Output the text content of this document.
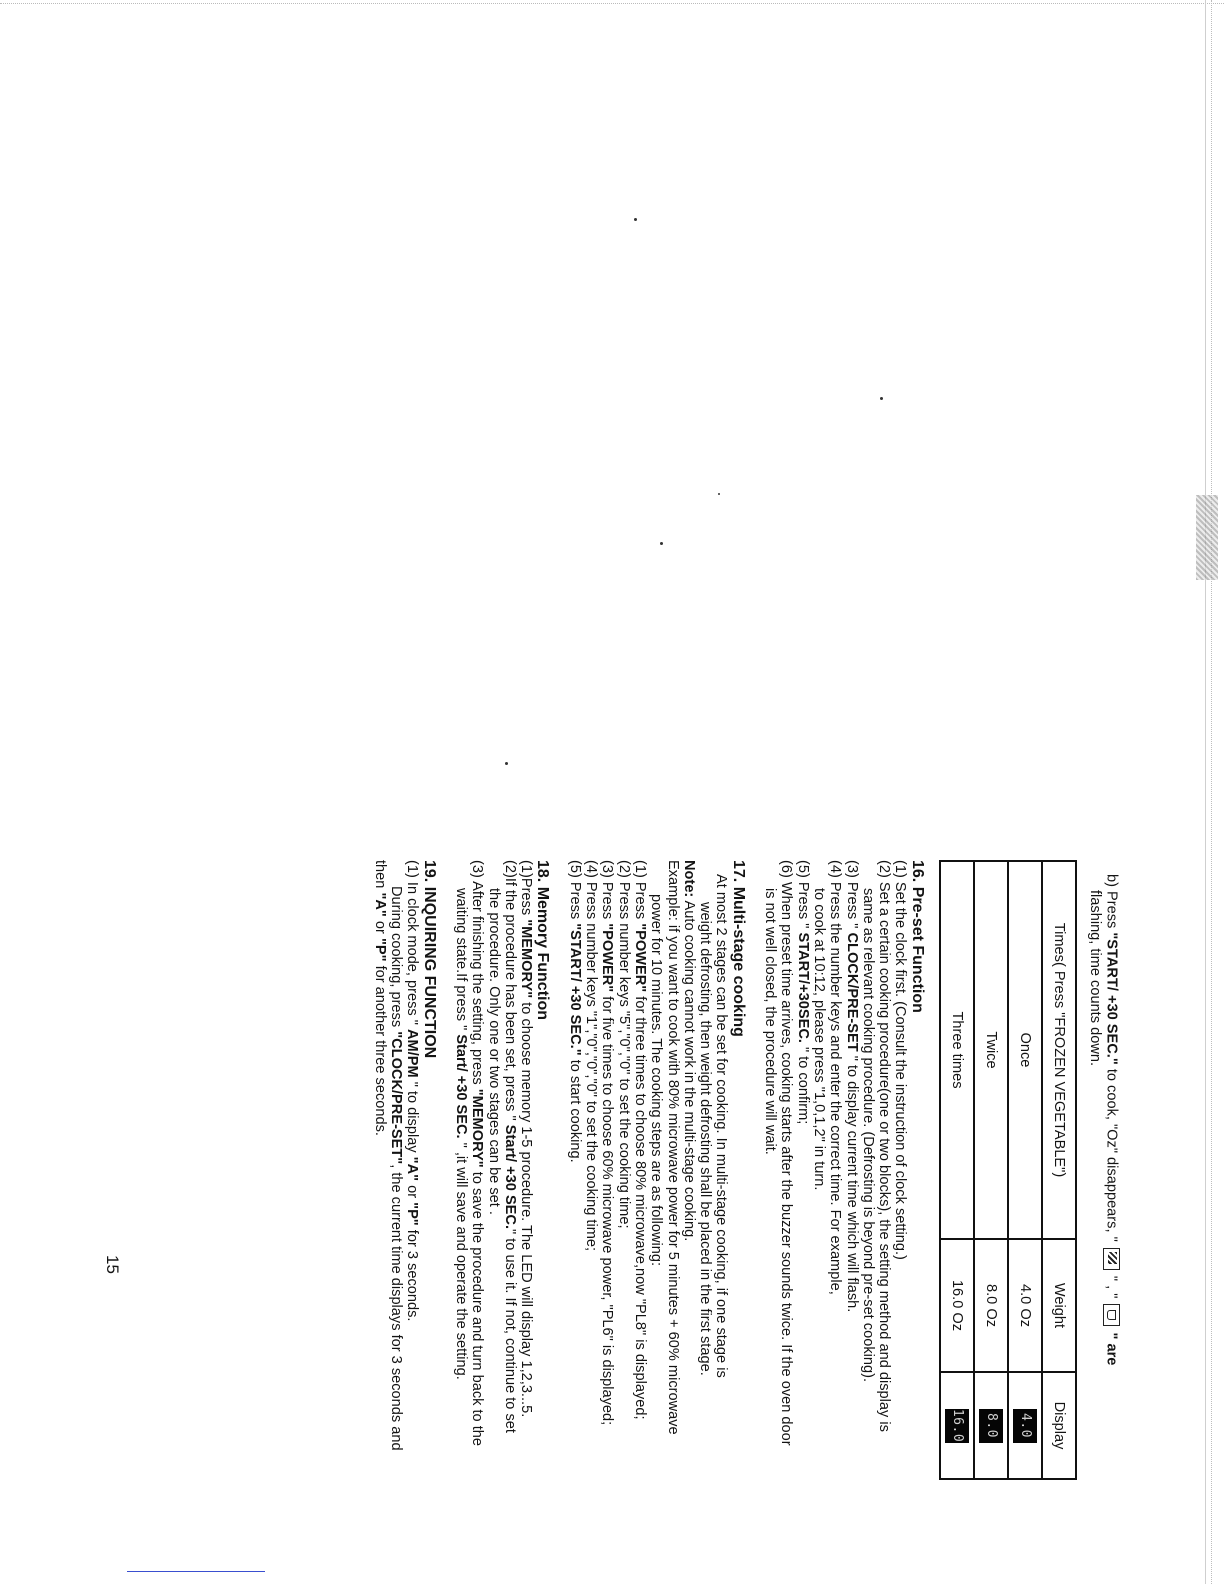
b) Press "START/ +30 SEC." to cook, "Oz" disappears, "  " , "  " are

flashing, time counts down.

Times( Press "FROZEN VEGETABLE")	Weight	Display
Once	4.0 Oz	4.0
Twice	8.0 Oz	8.0
Three times	16.0 Oz	16.0

16. Pre-set Function

(1) Set the clock first. (Consult the instruction of clock setting.)

(2) Set a certain cooking procedure(one or two blocks), the setting method and display is

same as relevant cooking procedure. (Defrosting is beyond pre-set cooking).

(3) Press " CLOCK/PRE-SET " to display current time which will flash.

(4) Press the number keys and enter the correct time. For example,

to cook at 10:12, please press "1,0,1,2" in turn.

(5) Press " START/+30SEC. " to confirm;

(6) When preset time arrives, cooking starts after the buzzer sounds twice. If the oven door

is not well closed, the procedure will wait.

17. Multi-stage cooking

At most 2 stages can be set for cooking. In multi-stage cooking, if one stage is

weight defrosting, then weight defrosting shall be placed in the first stage.

Note: Auto cooking cannot work in the multi-stage cooking.

Example: if you want to cook with 80% microwave power for 5 minutes + 60% microwave

power for 10 minutes. The cooking steps are as following:

(1) Press "POWER" for three times to choose 80% microwave,now "PL8" is displayed;

(2) Press number keys "5","0","0" to set the cooking time;

(3) Press "POWER" for five times to choose 60% microwave power, "PL6" is displayed;

(4) Press number keys "1","0","0","0" to set the cooking time;

(5) Press "START/ +30 SEC." to start cooking.

18. Memory Function

(1)Press "MEMORY" to choose memory 1-5 procedure. The LED will display 1,2,3...5.

(2)If the procedure has been set, press " Start/ +30 SEC." to use it. If not, continue to set

the procedure. Only one or two stages can be set .

(3) After finishing the setting, press "MEMORY" to save the procedure and turn back to the

waiting state.If press " Start/ +30 SEC. " ,it will save and operate the setting.

19. INQUIRING FUNCTION

(1) In clock mode, press " AM/PM " to display "A" or "P" for 3 seconds.

During cooking, press "CLOCK/PRE-SET", the current time displays for 3 seconds and

then "A" or "P" for another three seconds.

15
